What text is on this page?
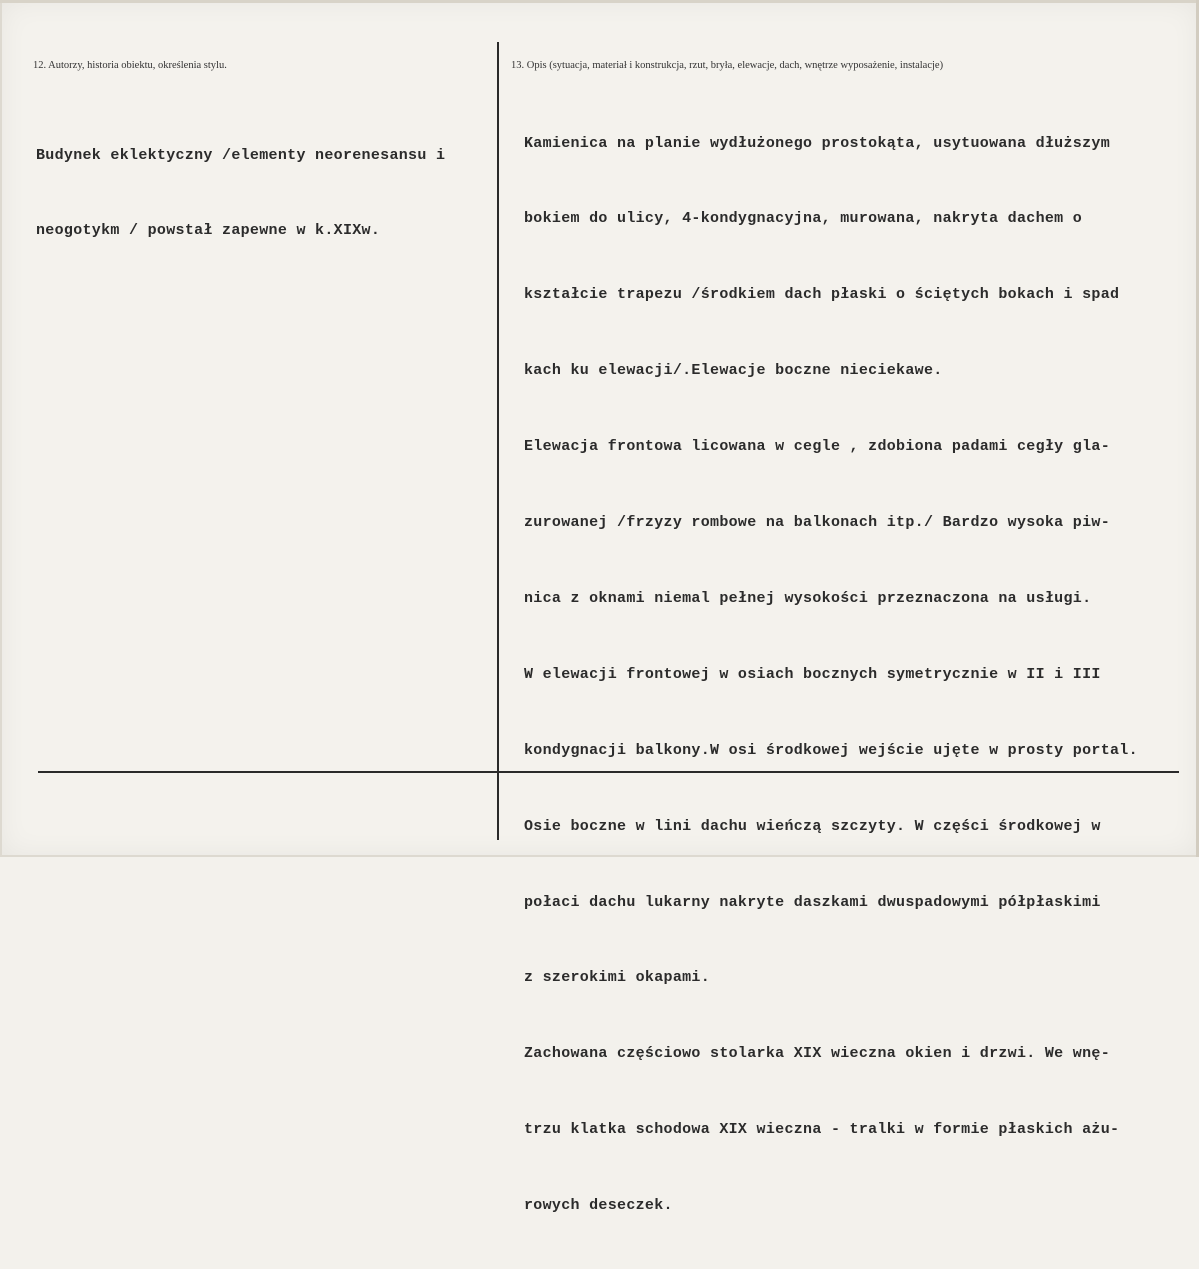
12. Autorzy, historia obiektu, określenia stylu.	13. Opis (sytuacja, materiał i konstrukcja, rzut, bryła, elewacje, dach, wnętrze wyposażenie, instalacje)

Budynek eklektyczny /elementy neorenesansu i

neogotykm / powstał zapewne w k.XIXw.

Kamienica na planie wydłużonego prostokąta, usytuowana dłuższym

bokiem do ulicy, 4-kondygnacyjna, murowana, nakryta dachem o

kształcie trapezu /środkiem dach płaski o ściętych bokach i spad

kach ku elewacji/.Elewacje boczne nieciekawe.

Elewacja frontowa licowana w cegle , zdobiona padami cegły gla-

zurowanej /frzyzy rombowe na balkonach itp./ Bardzo wysoka piw-

nica z oknami niemal pełnej wysokości przeznaczona na usługi.

W elewacji frontowej w osiach bocznych symetrycznie w II i III

kondygnacji balkony.W osi środkowej wejście ujęte w prosty portal.

Osie boczne w lini dachu wieńczą szczyty. W części środkowej w

połaci dachu lukarny nakryte daszkami dwuspadowymi półpłaskimi

z szerokimi okapami.

Zachowana częściowo stolarka XIX wieczna okien i drzwi. We wnę-

trzu klatka schodowa XIX wieczna - tralki w formie płaskich ażu-

rowych deseczek.
